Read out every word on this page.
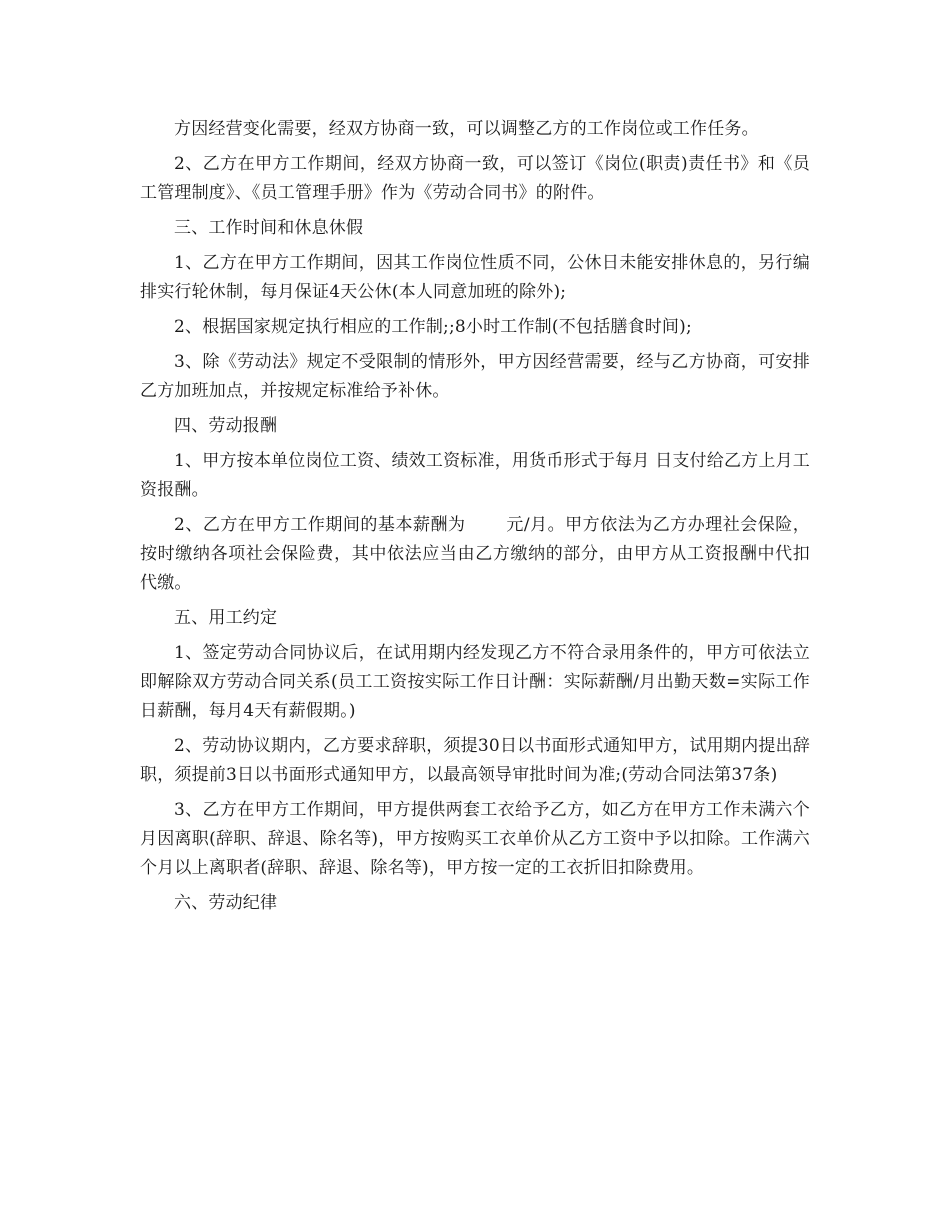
方因经营变化需要，经双方协商一致，可以调整乙方的工作岗位或工作任务。

2、乙方在甲方工作期间，经双方协商一致，可以签订《岗位(职责)责任书》和《员工管理制度》、《员工管理手册》作为《劳动合同书》的附件。

三、工作时间和休息休假

1、乙方在甲方工作期间，因其工作岗位性质不同，公休日未能安排休息的，另行编排实行轮休制，每月保证4天公休(本人同意加班的除外);

2、根据国家规定执行相应的工作制;;8小时工作制(不包括膳食时间);

3、除《劳动法》规定不受限制的情形外，甲方因经营需要，经与乙方协商，可安排乙方加班加点，并按规定标准给予补休。

四、劳动报酬

1、甲方按本单位岗位工资、绩效工资标准，用货币形式于每月 日支付给乙方上月工资报酬。

2、乙方在甲方工作期间的基本薪酬为　　 元/月。甲方依法为乙方办理社会保险，按时缴纳各项社会保险费，其中依法应当由乙方缴纳的部分，由甲方从工资报酬中代扣代缴。

五、用工约定

1、签定劳动合同协议后，在试用期内经发现乙方不符合录用条件的，甲方可依法立即解除双方劳动合同关系(员工工资按实际工作日计酬：实际薪酬/月出勤天数=实际工作日薪酬，每月4天有薪假期。)

2、劳动协议期内，乙方要求辞职，须提30日以书面形式通知甲方，试用期内提出辞职，须提前3日以书面形式通知甲方，以最高领导审批时间为准;(劳动合同法第37条)

3、乙方在甲方工作期间，甲方提供两套工衣给予乙方，如乙方在甲方工作未满六个月因离职(辞职、辞退、除名等)，甲方按购买工衣单价从乙方工资中予以扣除。工作满六个月以上离职者(辞职、辞退、除名等)，甲方按一定的工衣折旧扣除费用。

六、劳动纪律
